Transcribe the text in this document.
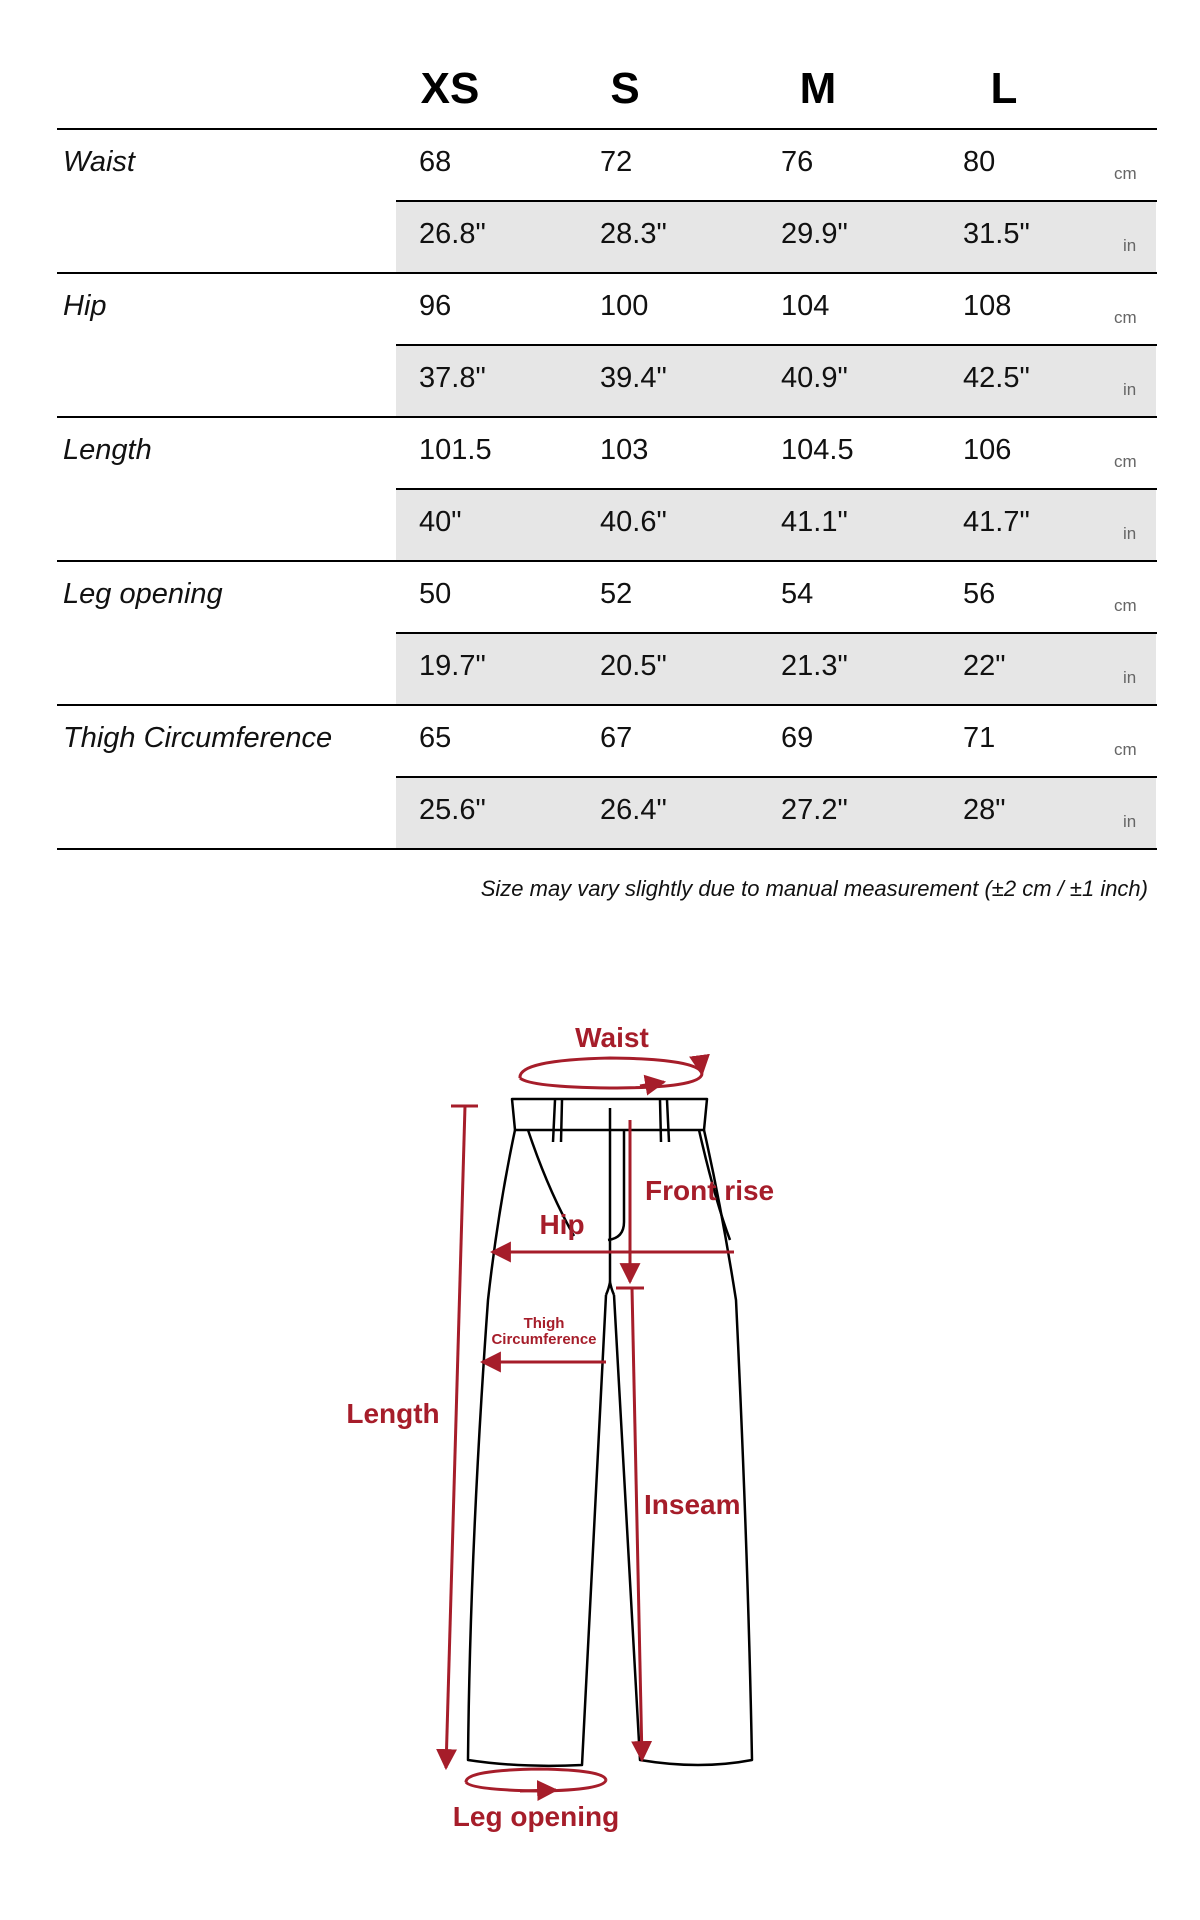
XS	S	M	L
Waist	68	72	76	80	cm
26.8"	28.3"	29.9"	31.5"	in
Hip	96	100	104	108	cm
37.8"	39.4"	40.9"	42.5"	in
Length	101.5	103	104.5	106	cm
40"	40.6"	41.1"	41.7"	in
Leg opening	50	52	54	56	cm
19.7"	20.5"	21.3"	22"	in
Thigh Circumference	65	67	69	71	cm
25.6"	26.4"	27.2"	28"	in
Size may vary slightly due to manual measurement (±2 cm / ±1 inch)
Waist
Front rise
Hip
Thigh
Circumference
Length
Inseam
Leg opening
